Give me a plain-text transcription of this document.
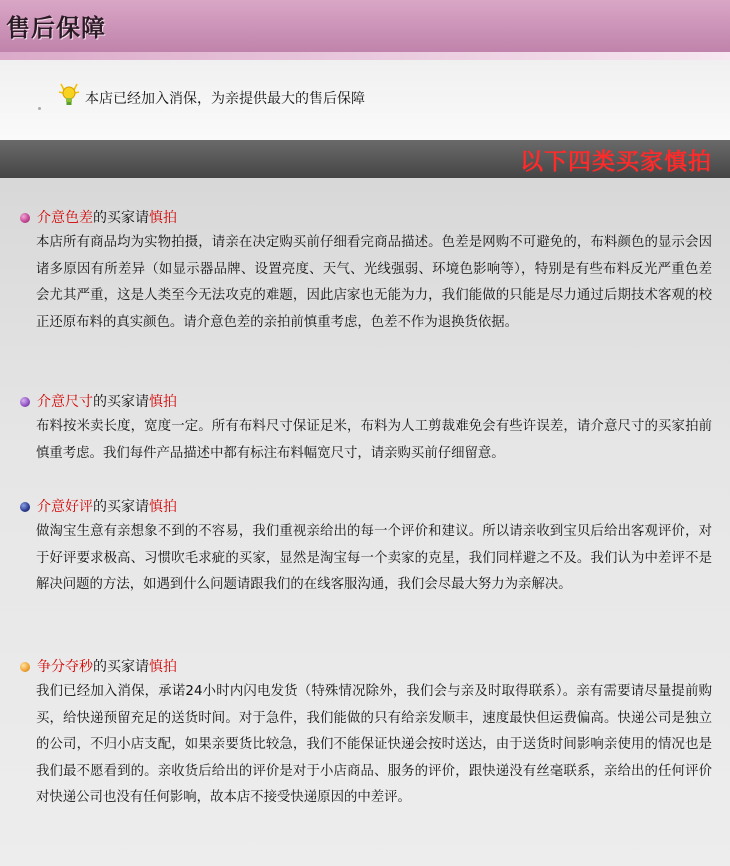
售后保障
本店已经加入消保，为亲提供最大的售后保障
以下四类买家慎拍
介意色差的买家请慎拍
本店所有商品均为实物拍摄，请亲在决定购买前仔细看完商品描述。色差是网购不可避免的，布料颜色的显示会因诸多原因有所差异（如显示器品牌、设置亮度、天气、光线强弱、环境色影响等），特别是有些布料反光严重色差会尤其严重，这是人类至今无法攻克的难题，因此店家也无能为力，我们能做的只能是尽力通过后期技术客观的校正还原布料的真实颜色。请介意色差的亲拍前慎重考虑，色差不作为退换货依据。
介意尺寸的买家请慎拍
布料按米卖长度，宽度一定。所有布料尺寸保证足米，布料为人工剪裁难免会有些许误差，请介意尺寸的买家拍前慎重考虑。我们每件产品描述中都有标注布料幅宽尺寸，请亲购买前仔细留意。
介意好评的买家请慎拍
做淘宝生意有亲想象不到的不容易，我们重视亲给出的每一个评价和建议。所以请亲收到宝贝后给出客观评价，对于好评要求极高、习惯吹毛求疵的买家，显然是淘宝每一个卖家的克星，我们同样避之不及。我们认为中差评不是解决问题的方法，如遇到什么问题请跟我们的在线客服沟通，我们会尽最大努力为亲解决。
争分夺秒的买家请慎拍
我们已经加入消保，承诺24小时内闪电发货（特殊情况除外，我们会与亲及时取得联系）。亲有需要请尽量提前购买，给快递预留充足的送货时间。对于急件，我们能做的只有给亲发顺丰，速度最快但运费偏高。快递公司是独立的公司，不归小店支配，如果亲要货比较急，我们不能保证快递会按时送达，由于送货时间影响亲使用的情况也是我们最不愿看到的。亲收货后给出的评价是对于小店商品、服务的评价，跟快递没有丝毫联系，亲给出的任何评价对快递公司也没有任何影响，故本店不接受快递原因的中差评。
